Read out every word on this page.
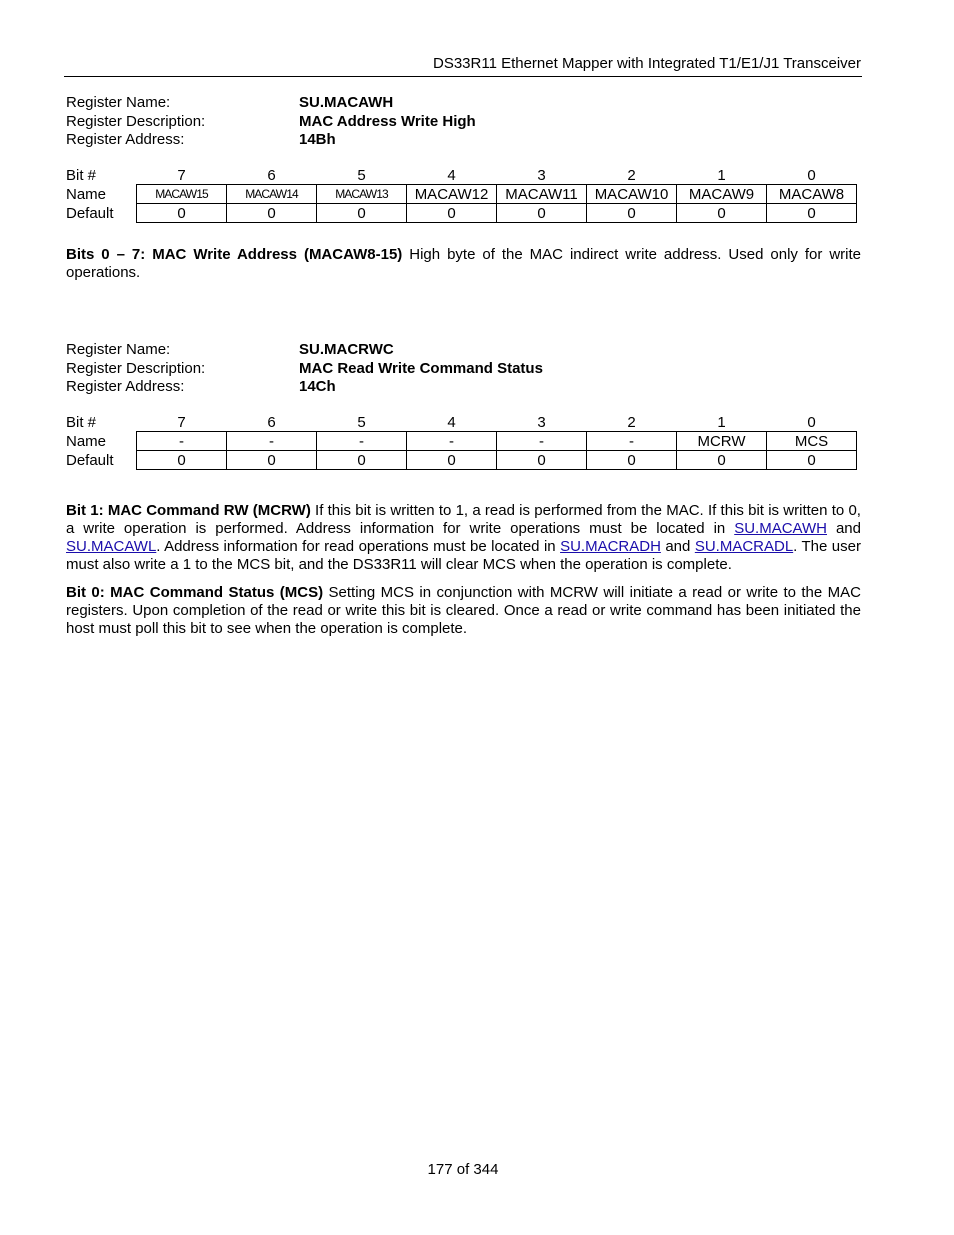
DS33R11 Ethernet Mapper with Integrated T1/E1/J1 Transceiver
Register Name:	SU.MACAWH
Register Description:	MAC Address Write High
Register Address:	14Bh
Bit #	7	6	5	4	3	2	1	0
Name	MACAW15	MACAW14	MACAW13	MACAW12	MACAW11	MACAW10	MACAW9	MACAW8
Default	0	0	0	0	0	0	0	0
Bits 0 – 7: MAC Write Address (MACAW8-15) High byte of the MAC indirect write address. Used only for write operations.
Register Name:	SU.MACRWC
Register Description:	MAC Read Write Command Status
Register Address:	14Ch
Bit #	7	6	5	4	3	2	1	0
Name	-	-	-	-	-	-	MCRW	MCS
Default	0	0	0	0	0	0	0	0
Bit 1: MAC Command RW (MCRW) If this bit is written to 1, a read is performed from the MAC. If this bit is written to 0, a write operation is performed. Address information for write operations must be located in SU.MACAWH and SU.MACAWL. Address information for read operations must be located in SU.MACRADH and SU.MACRADL. The user must also write a 1 to the MCS bit, and the DS33R11 will clear MCS when the operation is complete.
Bit 0: MAC Command Status (MCS) Setting MCS in conjunction with MCRW will initiate a read or write to the MAC registers. Upon completion of the read or write this bit is cleared. Once a read or write command has been initiated the host must poll this bit to see when the operation is complete.
177 of 344
